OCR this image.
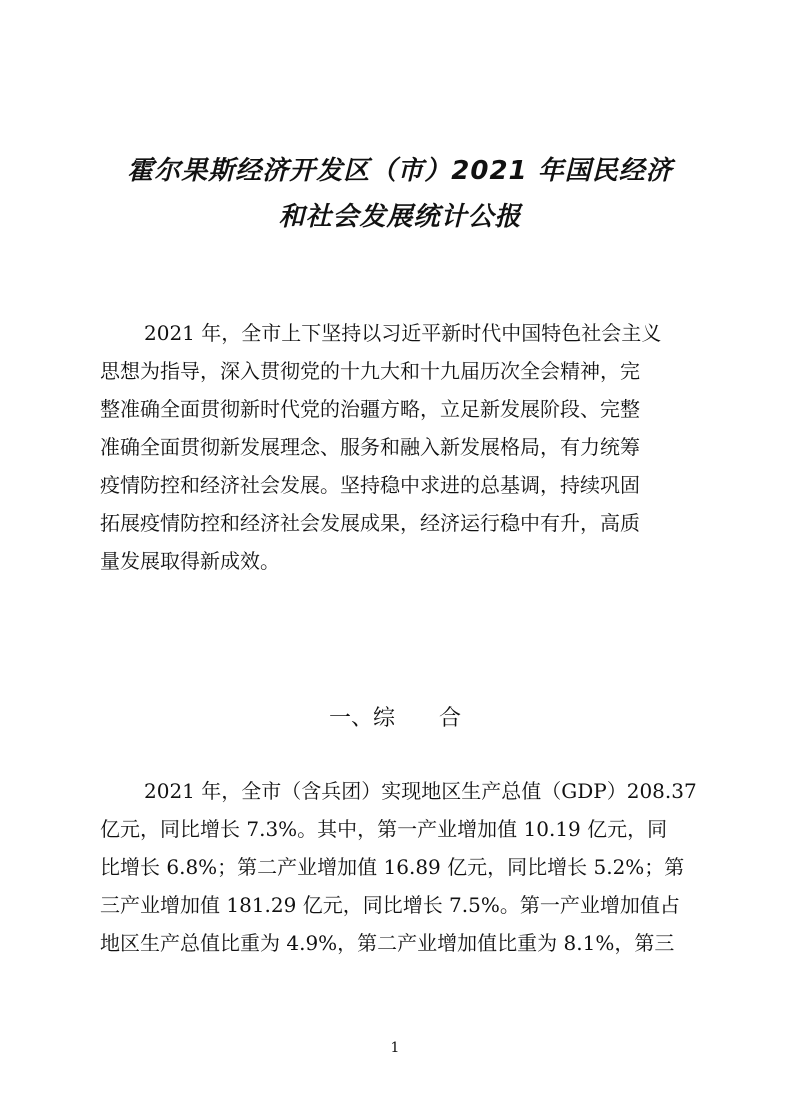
霍尔果斯经济开发区（市）2021 年国民经济
和社会发展统计公报
2021 年，全市上下坚持以习近平新时代中国特色社会主义
思想为指导，深入贯彻党的十九大和十九届历次全会精神，完
整准确全面贯彻新时代党的治疆方略，立足新发展阶段、完整
准确全面贯彻新发展理念、服务和融入新发展格局，有力统筹
疫情防控和经济社会发展。坚持稳中求进的总基调，持续巩固
拓展疫情防控和经济社会发展成果，经济运行稳中有升，高质
量发展取得新成效。
一、综　　合
2021 年，全市（含兵团）实现地区生产总值（GDP）208.37
亿元，同比增长 7.3%。其中，第一产业增加值 10.19 亿元，同
比增长 6.8%；第二产业增加值 16.89 亿元，同比增长 5.2%；第
三产业增加值 181.29 亿元，同比增长 7.5%。第一产业增加值占
地区生产总值比重为 4.9%，第二产业增加值比重为 8.1%，第三
1
